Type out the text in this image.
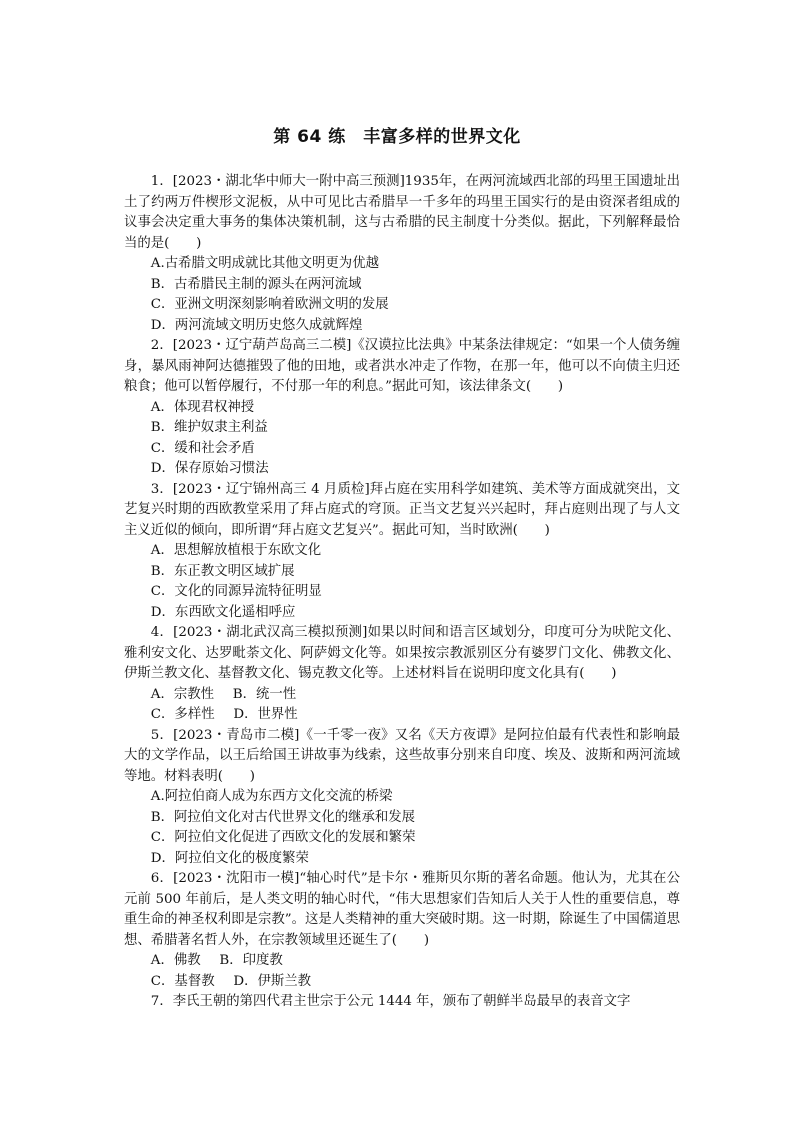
第 64 练　丰富多样的世界文化

1．[2023・湖北华中师大一附中高三预测]1935年，在两河流域西北部的玛里王国遗址出土了约两万件楔形文泥板，从中可见比古希腊早一千多年的玛里王国实行的是由资深者组成的议事会决定重大事务的集体决策机制，这与古希腊的民主制度十分类似。据此，下列解释最恰当的是(　　)

A.古希腊文明成就比其他文明更为优越

B．古希腊民主制的源头在两河流域

C．亚洲文明深刻影响着欧洲文明的发展

D．两河流域文明历史悠久成就辉煌

2．[2023・辽宁葫芦岛高三二模]《汉谟拉比法典》中某条法律规定：“如果一个人债务缠身，暴风雨神阿达德摧毁了他的田地，或者洪水冲走了作物，在那一年，他可以不向债主归还粮食；他可以暂停履行，不付那一年的利息。”据此可知，该法律条文(　　)

A．体现君权神授

B．维护奴隶主利益

C．缓和社会矛盾

D．保存原始习惯法

3．[2023・辽宁锦州高三 4 月质检]拜占庭在实用科学如建筑、美术等方面成就突出，文艺复兴时期的西欧教堂采用了拜占庭式的穹顶。正当文艺复兴兴起时，拜占庭则出现了与人文主义近似的倾向，即所谓“拜占庭文艺复兴”。据此可知，当时欧洲(　　)

A．思想解放植根于东欧文化

B．东正教文明区域扩展

C．文化的同源异流特征明显

D．东西欧文化遥相呼应

4．[2023・湖北武汉高三模拟预测]如果以时间和语言区域划分，印度可分为吠陀文化、雅利安文化、达罗毗荼文化、阿萨姆文化等。如果按宗教派别区分有婆罗门文化、佛教文化、伊斯兰教文化、基督教文化、锡克教文化等。上述材料旨在说明印度文化具有(　　)

A．宗教性 B．统一性

C．多样性 D．世界性

5．[2023・青岛市二模]《一千零一夜》又名《天方夜谭》是阿拉伯最有代表性和影响最大的文学作品，以王后给国王讲故事为线索，这些故事分别来自印度、埃及、波斯和两河流域等地。材料表明(　　)

A.阿拉伯商人成为东西方文化交流的桥梁

B．阿拉伯文化对古代世界文化的继承和发展

C．阿拉伯文化促进了西欧文化的发展和繁荣

D．阿拉伯文化的极度繁荣

6．[2023・沈阳市一模]“轴心时代”是卡尔・雅斯贝尔斯的著名命题。他认为，尤其在公元前 500 年前后，是人类文明的轴心时代，“伟大思想家们告知后人关于人性的重要信息，尊重生命的神圣权利即是宗教”。这是人类精神的重大突破时期。这一时期，除诞生了中国儒道思想、希腊著名哲人外，在宗教领域里还诞生了(　　)

A．佛教 B．印度教

C．基督教 D．伊斯兰教

7．李氏王朝的第四代君主世宗于公元 1444 年，颁布了朝鲜半岛最早的表音文字
